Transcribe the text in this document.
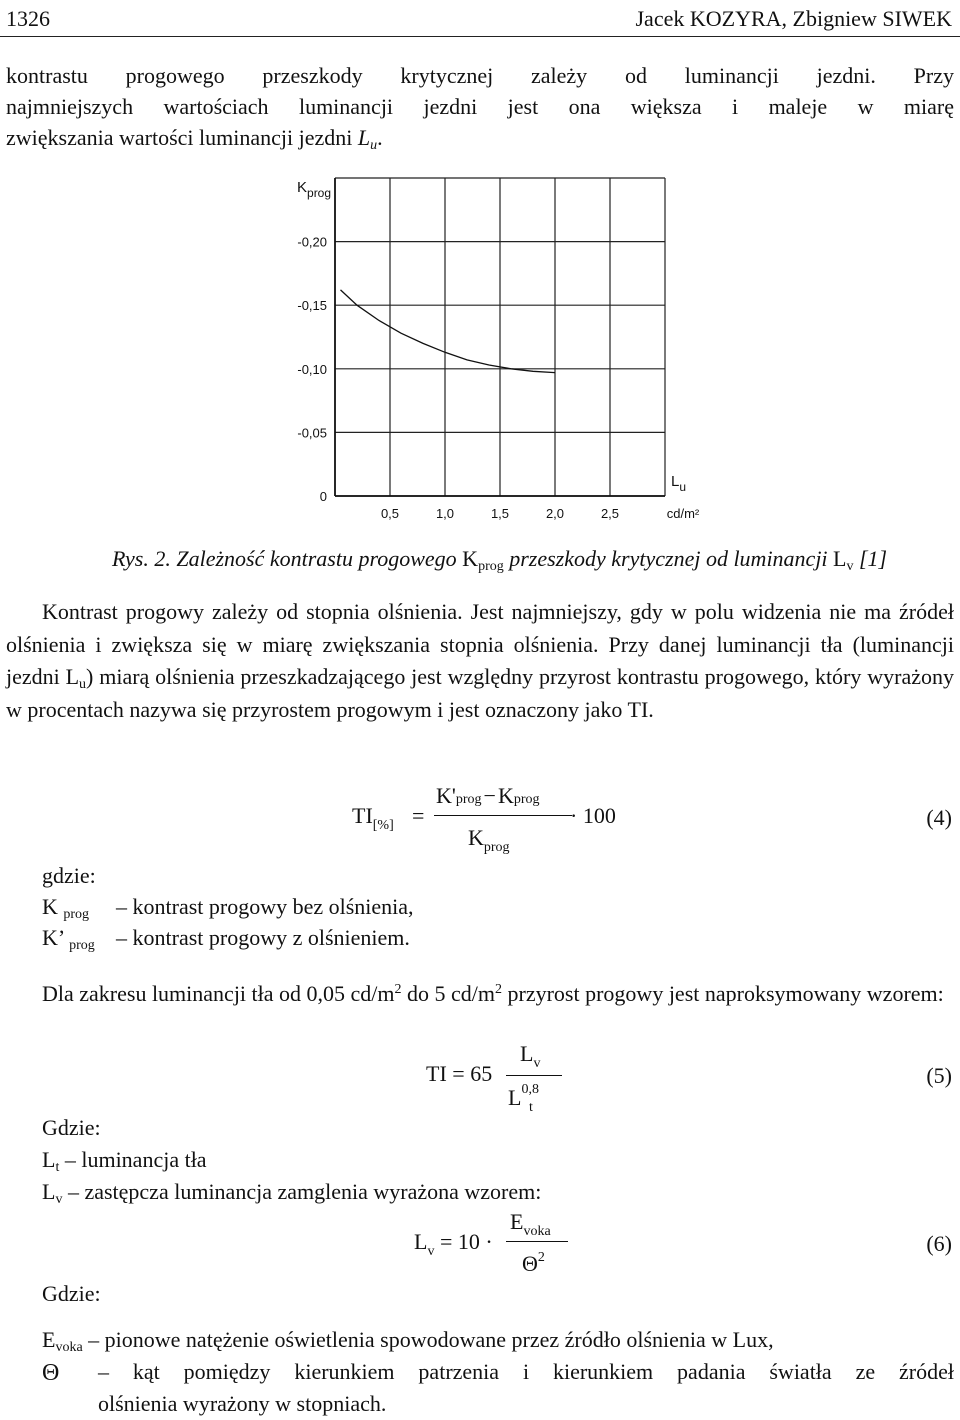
1326	Jacek KOZYRA, Zbigniew SIWEK
kontrastu progowego przeszkody krytycznej zależy od luminancji jezdni. Przy
najmniejszych wartościach luminancji jezdni jest ona większa i maleje w miarę
zwiększania wartości luminancji jezdni $L_u$.
0
-0,05
-0,10
-0,15
-0,20
0,5	1,0	1,5	2,0	2,5
$K_{prog}$
$L_u$
cd/m²
Rys. 2. Zależność kontrastu progowego $K_{prog}$ przeszkody krytycznej od luminancji $L_v$ [1]
Kontrast progowy zależy od stopnia olśnienia. Jest najmniejszy, gdy w polu widzenia nie ma źródeł olśnienia i zwiększa się w miarę zwiększania stopnia olśnienia. Przy danej luminancji tła (luminancji jezdni $L_u$) miarą olśnienia przeszkadzającego jest względny przyrost kontrastu progowego, który wyrażony w procentach nazywa się przyrostem progowym i jest oznaczony jako TI.
$TI_{[\%]}$ =
K'prog−Kprog
$K_{prog}$
· 100	(4)
gdzie:
K $_{prog}$ – kontrast progowy bez olśnienia,
K’ $_{prog}$ – kontrast progowy z olśnieniem.
Dla zakresu luminancji tła od 0,05 $cd/m^2$ do 5 $cd/m^2$ przyrost progowy jest naproksymowany wzorem:
TI = 65
$L_v$
L$^{0,8}_t$
(5)
Gdzie:
$L_t$ – luminancja tła
$L_v$ – zastępcza luminancja zamglenia wyrażona wzorem:
$L_v = 10$ ·
$E_{voka}$
$\Theta^2$
(6)
Gdzie:
$E_{voka}$ – pionowe natężenie oświetlenia spowodowane przez źródło olśnienia w Lux,
Θ – kąt pomiędzy kierunkiem patrzenia i kierunkiem padania światła ze źródeł
olśnienia wyrażony w stopniach.
